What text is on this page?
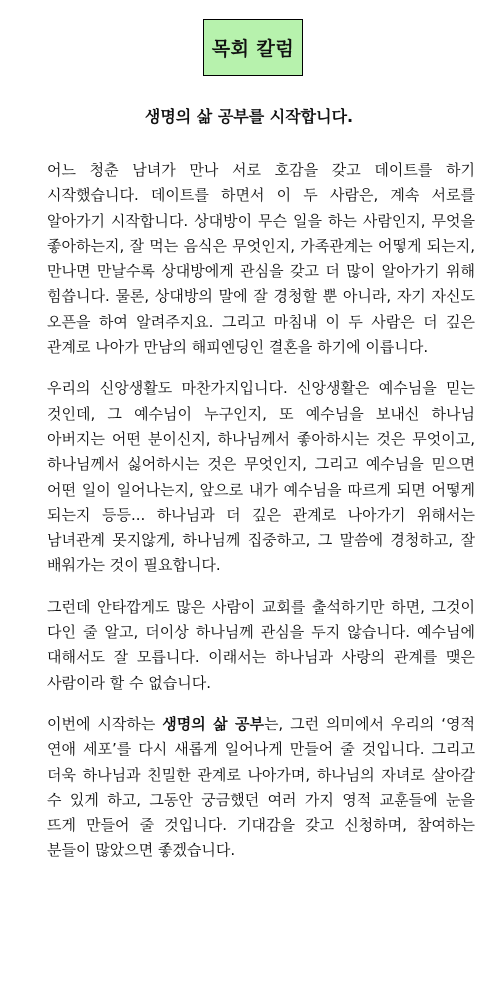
목회 칼럼
생명의 삶 공부를 시작합니다.

어느 청춘 남녀가 만나 서로 호감을 갖고 데이트를 하기 시작했습니다. 데이트를 하면서 이 두 사람은, 계속 서로를 알아가기 시작합니다. 상대방이 무슨 일을 하는 사람인지, 무엇을 좋아하는지, 잘 먹는 음식은 무엇인지, 가족관계는 어떻게 되는지, 만나면 만날수록 상대방에게 관심을 갖고 더 많이 알아가기 위해 힘씁니다. 물론, 상대방의 말에 잘 경청할 뿐 아니라, 자기 자신도 오픈을 하여 알려주지요. 그리고 마침내 이 두 사람은 더 깊은 관계로 나아가 만남의 해피엔딩인 결혼을 하기에 이릅니다.

우리의 신앙생활도 마찬가지입니다. 신앙생활은 예수님을 믿는 것인데, 그 예수님이 누구인지, 또 예수님을 보내신 하나님 아버지는 어떤 분이신지, 하나님께서 좋아하시는 것은 무엇이고, 하나님께서 싫어하시는 것은 무엇인지, 그리고 예수님을 믿으면 어떤 일이 일어나는지, 앞으로 내가 예수님을 따르게 되면 어떻게 되는지 등등... 하나님과 더 깊은 관계로 나아가기 위해서는 남녀관계 못지않게, 하나님께 집중하고, 그 말씀에 경청하고, 잘 배워가는 것이 필요합니다.

그런데 안타깝게도 많은 사람이 교회를 출석하기만 하면, 그것이 다인 줄 알고, 더이상 하나님께 관심을 두지 않습니다. 예수님에 대해서도 잘 모릅니다. 이래서는 하나님과 사랑의 관계를 맺은 사람이라 할 수 없습니다.

이번에 시작하는 생명의 삶 공부는, 그런 의미에서 우리의 ‘영적 연애 세포’를 다시 새롭게 일어나게 만들어 줄 것입니다. 그리고 더욱 하나님과 친밀한 관계로 나아가며, 하나님의 자녀로 살아갈 수 있게 하고, 그동안 궁금했던 여러 가지 영적 교훈들에 눈을 뜨게 만들어 줄 것입니다. 기대감을 갖고 신청하며, 참여하는 분들이 많았으면 좋겠습니다.
